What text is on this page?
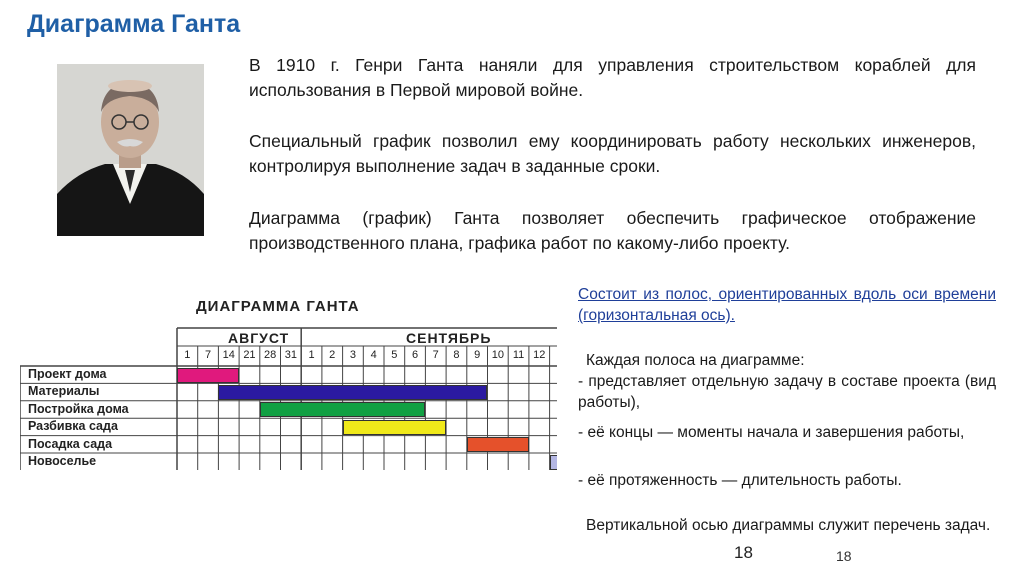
Диаграмма Ганта
В 1910 г. Генри Ганта наняли для управления строительством кораблей для использования в Первой мировой войне.
Специальный график позволил ему координировать работу нескольких инженеров, контролируя выполнение задач в заданные сроки.
Диаграмма (график) Ганта позволяет обеспечить графическое отображение производственного плана, графика работ по какому-либо проекту.
ДИАГРАММА ГАНТА
АВГУСТ	СЕНТЯБРЬ
1	7	14 21 28 31	1	2	3	4	5	6	7	8	9	10 11 12
Проект дома
Материалы
Постройка дома
Разбивка сада
Посадка сада
Новоселье
Состоит из полос, ориентированных вдоль оси времени (горизонтальная ось).
Каждая полоса на диаграмме:
- представляет отдельную задачу в составе проекта (вид работы),
- её концы — моменты начала и завершения работы,
- её протяженность — длительность работы.
Вертикальной осью диаграммы служит перечень задач.
18	18
